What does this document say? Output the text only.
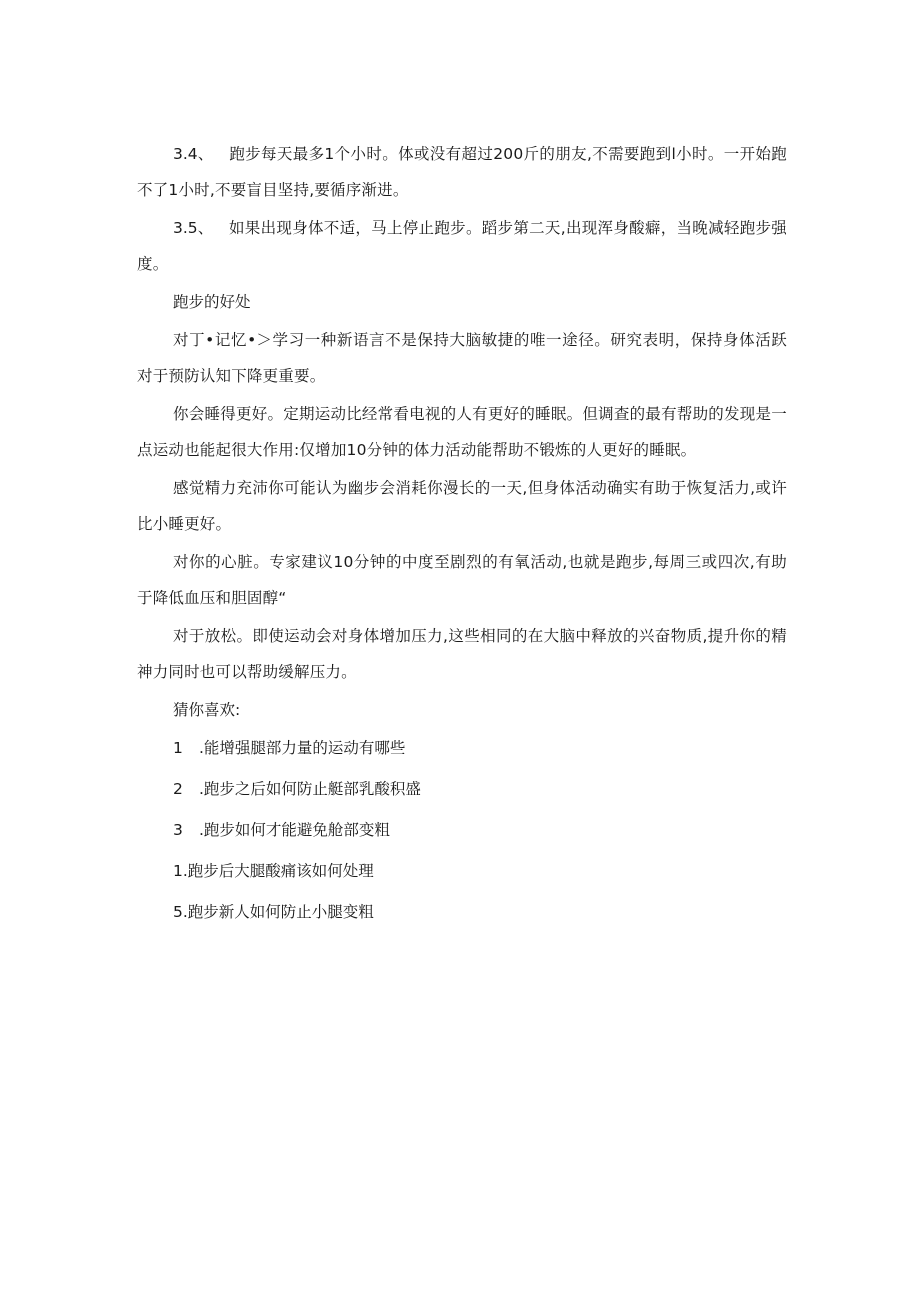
3.4、 跑步每天最多1个小时。体或没有超过200斤的朋友,不需要跑到l小时。一开始跑不了1小时,不要盲目坚持,要循序渐进。

3.5、 如果出现身体不适，马上停止跑步。蹈步第二天,出现浑身酸癖，当晚减轻跑步强度。

跑步的好处

对丁•记忆•＞学习一种新语言不是保持大脑敏捷的唯一途径。研究表明，保持身体活跃对于预防认知下降更重要。

你会睡得更好。定期运动比经常看电视的人有更好的睡眠。但调查的最有帮助的发现是一点运动也能起很大作用:仅增加10分钟的体力活动能帮助不锻炼的人更好的睡眠。

感觉精力充沛你可能认为幽步会消耗你漫长的一天,但身体活动确实有助于恢复活力,或许比小睡更好。

对你的心脏。专家建议10分钟的中度至剧烈的有氧活动,也就是跑步,每周三或四次,有助于降低血压和胆固醇“

对于放松。即使运动会对身体增加压力,这些相同的在大脑中释放的兴奋物质,提升你的精神力同时也可以帮助缓解压力。

猜你喜欢:

1 .能增强腿部力量的运动有哪些
2 .跑步之后如何防止艇部乳酸积盛
3 .跑步如何才能避免舱部变粗
1.跑步后大腿酸痛该如何处理
5.跑步新人如何防止小腿变粗
